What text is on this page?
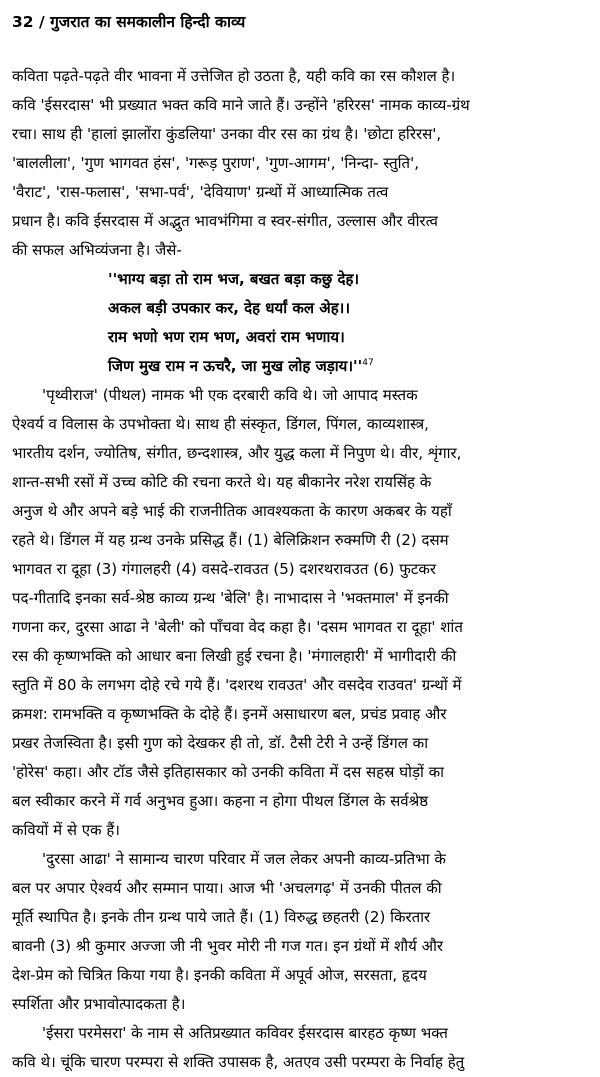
32 / गुजरात का समकालीन हिन्दी काव्य
कविता पढ़ते-पढ़ते वीर भावना में उत्तेजित हो उठता है, यही कवि का रस कौशल है।
कवि 'ईसरदास' भी प्रख्यात भक्त कवि माने जाते हैं। उन्होंने 'हरिरस' नामक काव्य-ग्रंथ
रचा। साथ ही 'हालां झालोंरा कुंडलिया' उनका वीर रस का ग्रंथ है। 'छोटा हरिरस',
'बाललीला', 'गुण भागवत हंस', 'गरूड़ पुराण', 'गुण-आगम', 'निन्दा- स्तुति',
'वैराट', 'रास-फलास', 'सभा-पर्व', 'देवियाण' ग्रन्थों में आध्यात्मिक तत्व
प्रधान है। कवि ईसरदास में अद्भुत भावभंगिमा व स्वर-संगीत, उल्लास और वीरत्व
की सफल अभिव्यंजना है। जैसे-
''भाग्य बड़ा तो राम भज, बखत बड़ा कछु देह।
अकल बड़ी उपकार कर, देह धर्यां कल अेह।।
राम भणो भण राम भण, अवरां राम भणाय।
जिण मुख राम न ऊचरै, जा मुख लोह $जड़ाय।''^{47}$
'पृथ्वीराज' (पीथल) नामक भी एक दरबारी कवि थे। जो आपाद मस्तक
ऐश्वर्य व विलास के उपभोक्ता थे। साथ ही संस्कृत, डिंगल, पिंगल, काव्यशास्त्र,
भारतीय दर्शन, ज्योतिष, संगीत, छन्दशास्त्र, और युद्ध कला में निपुण थे। वीर, शृंगार,
शान्त-सभी रसों में उच्च कोटि की रचना करते थे। यह बीकानेर नरेश रायसिंह के
अनुज थे और अपने बड़े भाई की राजनीतिक आवश्यकता के कारण अकबर के यहाँ
रहते थे। डिंगल में यह ग्रन्थ उनके प्रसिद्ध हैं। (1) बेलिक्रिशन रुक्मणि री (2) दसम
भागवत रा दूहा (3) गंगालहरी (4) वसदे-रावउत (5) दशरथरावउत (6) फुटकर
पद-गीतादि इनका सर्व-श्रेष्ठ काव्य ग्रन्थ 'बेलि' है। नाभादास ने 'भक्तमाल' में इनकी
गणना कर, दुरसा आढा ने 'बेली' को पाँचवा वेद कहा है। 'दसम भागवत रा दूहा' शांत
रस की कृष्णभक्ति को आधार बना लिखी हुई रचना है। 'मंगालहारी' में भागीदारी की
स्तुति में 80 के लगभग दोहे रचे गये हैं। 'दशरथ रावउत' और वसदेव राउवत' ग्रन्थों में
क्रमश: रामभक्ति व कृष्णभक्ति के दोहे हैं। इनमें असाधारण बल, प्रचंड प्रवाह और
प्रखर तेजस्विता है। इसी गुण को देखकर ही तो, डॉ. टैसी टेरी ने उन्हें डिंगल का
'होरेस' कहा। और टॉड जैसे इतिहासकार को उनकी कविता में दस सहस्र घोड़ों का
बल स्वीकार करने में गर्व अनुभव हुआ। कहना न होगा पीथल डिंगल के सर्वश्रेष्ठ
कवियों में से एक हैं।
'दुरसा आढा' ने सामान्य चारण परिवार में जल लेकर अपनी काव्य-प्रतिभा के
बल पर अपार ऐश्वर्य और सम्मान पाया। आज भी 'अचलगढ़' में उनकी पीतल की
मूर्ति स्थापित है। इनके तीन ग्रन्थ पाये जाते हैं। (1) विरुद्ध छहतरी (2) किरतार
बावनी (3) श्री कुमार अज्जा जी नी भुवर मोरी नी गज गत। इन ग्रंथों में शौर्य और
देश-प्रेम को चित्रित किया गया है। इनकी कविता में अपूर्व ओज, सरसता, हृदय
स्पर्शिता और प्रभावोत्पादकता है।
'ईसरा परमेसरा' के नाम से अतिप्रख्यात कविवर ईसरदास बारहठ कृष्ण भक्त
कवि थे। चूंकि चारण परम्परा से शक्ति उपासक है, अतएव उसी परम्परा के निर्वाह हेतु
